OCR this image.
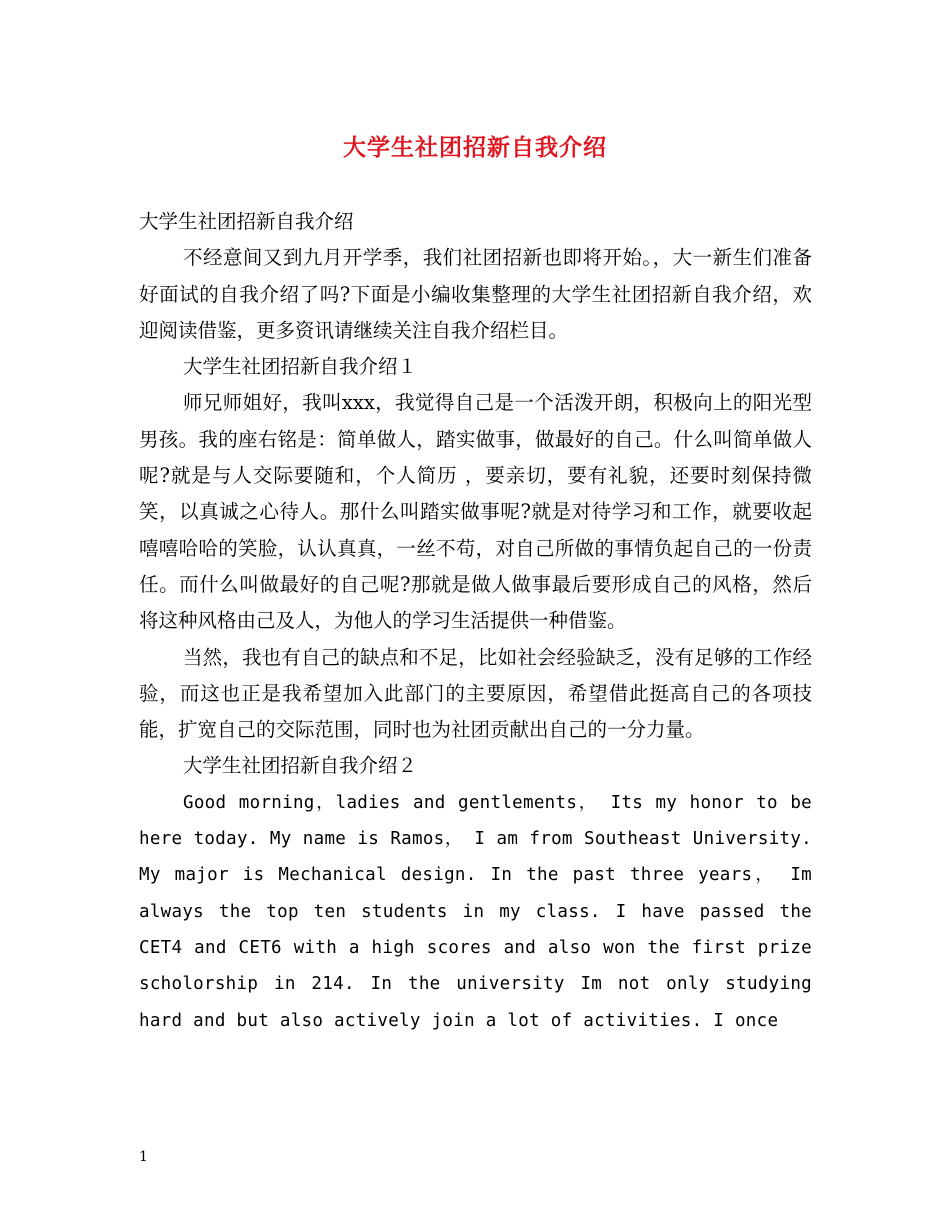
大学生社团招新自我介绍

大学生社团招新自我介绍

不经意间又到九月开学季，我们社团招新也即将开始。，大一新生们准备好面试的自我介绍了吗?下面是小编收集整理的大学生社团招新自我介绍，欢迎阅读借鉴，更多资讯请继续关注自我介绍栏目。

大学生社团招新自我介绍１

师兄师姐好，我叫xxx，我觉得自己是一个活泼开朗，积极向上的阳光型男孩。我的座右铭是：简单做人，踏实做事，做最好的自己。什么叫简单做人呢?就是与人交际要随和，个人简历 ，要亲切，要有礼貌，还要时刻保持微笑，以真诚之心待人。那什么叫踏实做事呢?就是对待学习和工作，就要收起嘻嘻哈哈的笑脸，认认真真，一丝不苟，对自己所做的事情负起自己的一份责任。而什么叫做最好的自己呢?那就是做人做事最后要形成自己的风格，然后将这种风格由己及人，为他人的学习生活提供一种借鉴。

当然，我也有自己的缺点和不足，比如社会经验缺乏，没有足够的工作经验，而这也正是我希望加入此部门的主要原因，希望借此挺高自己的各项技能，扩宽自己的交际范围，同时也为社团贡献出自己的一分力量。

大学生社团招新自我介绍２

Good morning，ladies and gentlements， Its my honor to be here today. My name is Ramos， I am from Southeast University. My major is Mechanical design. In the past three years， Im always the top ten students in my class. I have passed the CET4 and CET6 with a high scores and also won the first prize scholorship in 214. In the university Im not only studying hard and but also actively join a lot of activities. I once

1
